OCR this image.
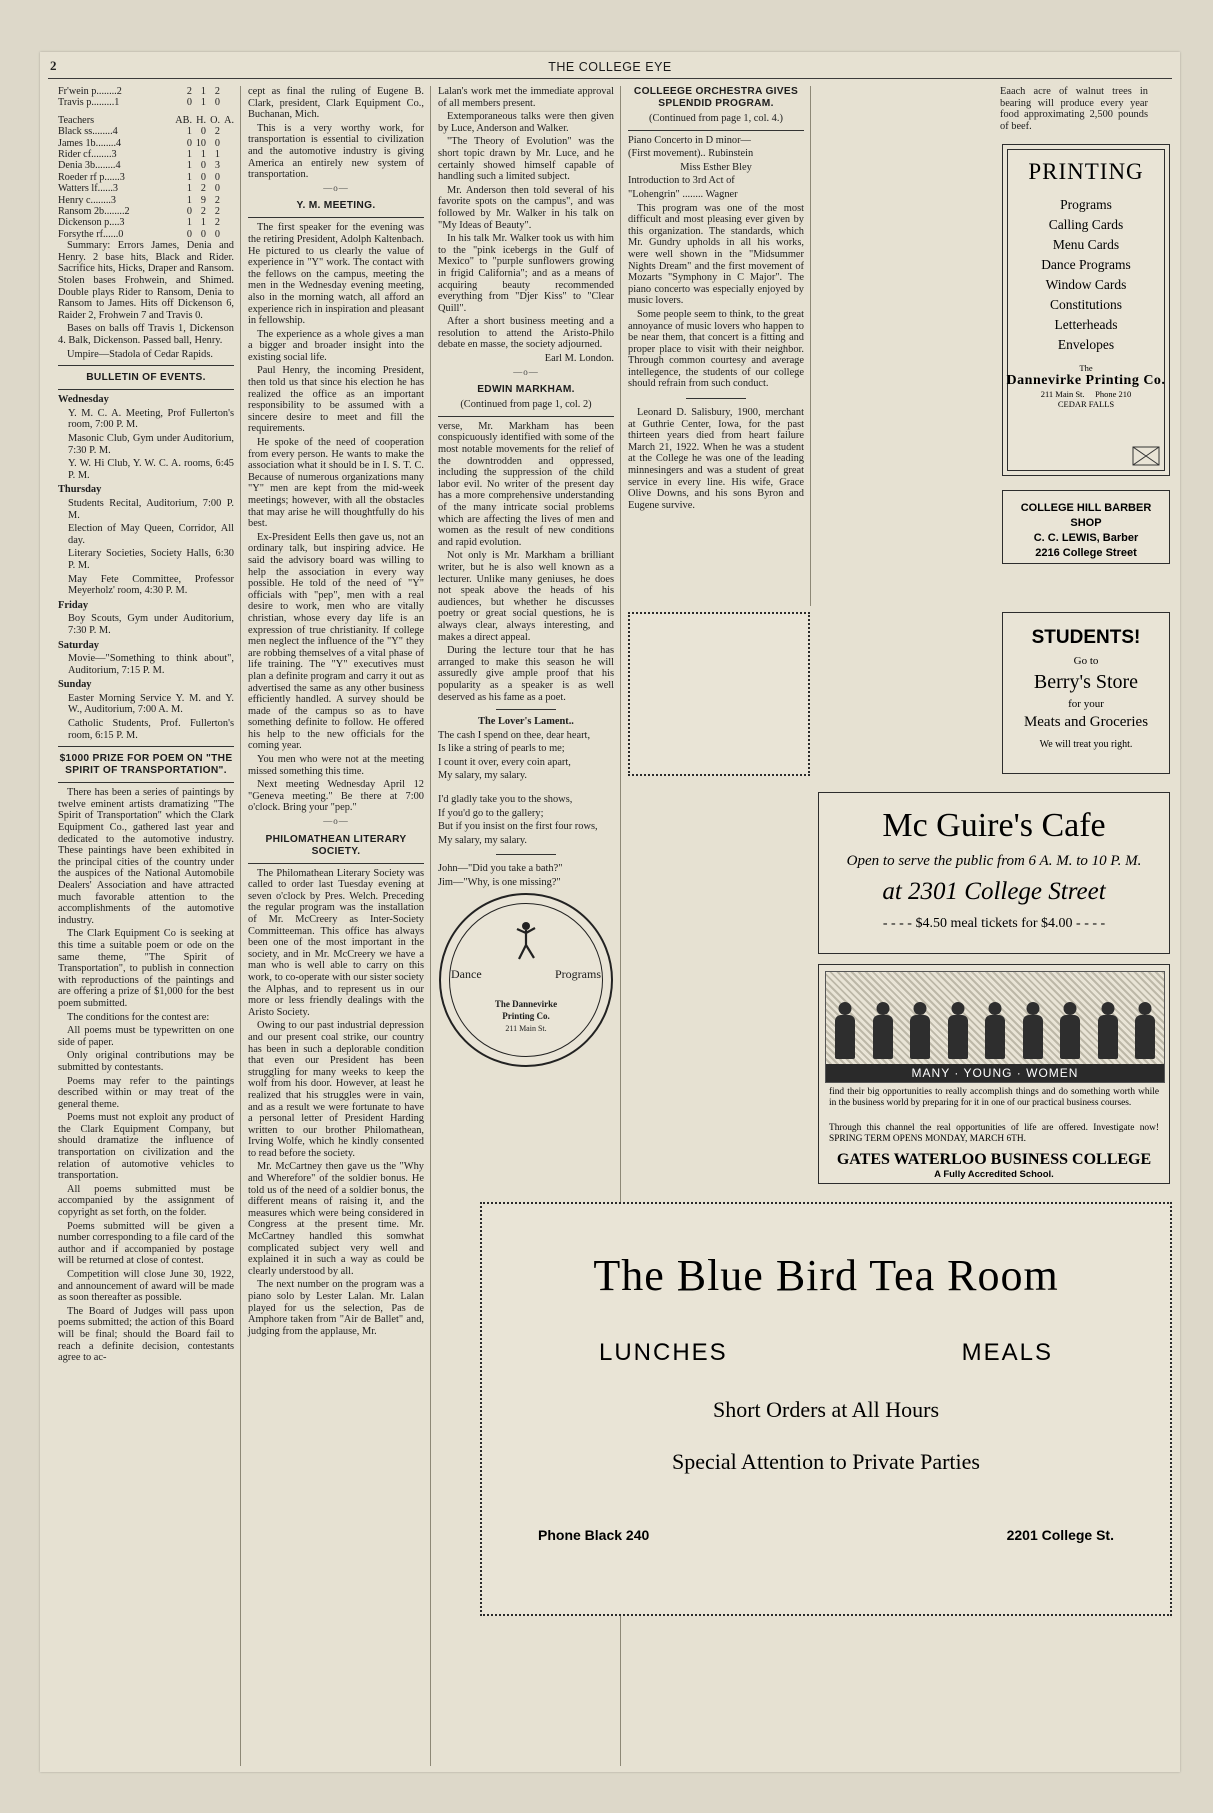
2	THE COLLEGE EYE
Fr'wein p........2	2	1	2	
Travis p.........1	0	1	0	

Teachers	AB.	H.	O.	A.
Black ss........4	1	0	2	
James 1b........4	0	10	0	
Rider cf........3	1	1	1	
Denia 3b........4	1	0	3	
Roeder rf p......3	1	0	0	
Watters lf......3	1	2	0	
Henry c........3	1	9	2	
Ransom 2b........2	0	2	2	
Dickenson p....3	1	1	2	
Forsythe rf......0	0	0	0	

Summary: Errors James, Denia and Henry. 2 base hits, Black and Rider. Sacrifice hits, Hicks, Draper and Ransom. Stolen bases Frohwein, and Shimed. Double plays Rider to Ransom, Denia to Ransom to James. Hits off Dickenson 6, Raider 2, Frohwein 7 and Travis 0.

Bases on balls off Travis 1, Dickenson 4. Balk, Dickenson. Passed ball, Henry.

Umpire—Stadola of Cedar Rapids.

BULLETIN OF EVENTS.

Wednesday

Y. M. C. A. Meeting, Prof Fullerton's room, 7:00 P. M.

Masonic Club, Gym under Auditorium, 7:30 P. M.

Y. W. Hi Club, Y. W. C. A. rooms, 6:45 P. M.

Thursday

Students Recital, Auditorium, 7:00 P. M.

Election of May Queen, Corridor, All day.

Literary Societies, Society Halls, 6:30 P. M.

May Fete Committee, Professor Meyerholz' room, 4:30 P. M.

Friday

Boy Scouts, Gym under Auditorium, 7:30 P. M.

Saturday

Movie—"Something to think about", Auditorium, 7:15 P. M.

Sunday

Easter Morning Service Y. M. and Y. W., Auditorium, 7:00 A. M.

Catholic Students, Prof. Fullerton's room, 6:15 P. M.

$1000 PRIZE FOR POEM ON "THE SPIRIT OF TRANSPORTATION".

There has been a series of paintings by twelve eminent artists dramatizing "The Spirit of Transportation" which the Clark Equipment Co., gathered last year and dedicated to the automotive industry. These paintings have been exhibited in the principal cities of the country under the auspices of the National Automobile Dealers' Association and have attracted much favorable attention to the accomplishments of the automotive industry.

The Clark Equipment Co is seeking at this time a suitable poem or ode on the same theme, "The Spirit of Transportation", to publish in connection with reproductions of the paintings and are offering a prize of $1,000 for the best poem submitted.

The conditions for the contest are:

All poems must be typewritten on one side of paper.

Only original contributions may be submitted by contestants.

Poems may refer to the paintings described within or may treat of the general theme.

Poems must not exploit any product of the Clark Equipment Company, but should dramatize the influence of transportation on civilization and the relation of automotive vehicles to transportation.

All poems submitted must be accompanied by the assignment of copyright as set forth, on the folder.

Poems submitted will be given a number corresponding to a file card of the author and if accompanied by postage will be returned at close of contest.

Competition will close June 30, 1922, and announcement of award will be made as soon thereafter as possible.

The Board of Judges will pass upon poems submitted; the action of this Board will be final; should the Board fail to reach a definite decision, contestants agree to ac-

cept as final the ruling of Eugene B. Clark, president, Clark Equipment Co., Buchanan, Mich.

This is a very worthy work, for transportation is essential to civilization and the automotive industry is giving America an entirely new system of transportation.

—o—

Y. M. MEETING.

The first speaker for the evening was the retiring President, Adolph Kaltenbach. He pictured to us clearly the value of experience in "Y" work. The contact with the fellows on the campus, meeting the men in the Wednesday evening meeting, also in the morning watch, all afford an experience rich in inspiration and pleasant in fellowship.

The experience as a whole gives a man a bigger and broader insight into the existing social life.

Paul Henry, the incoming President, then told us that since his election he has realized the office as an important responsibility to be assumed with a sincere desire to meet and fill the requirements.

He spoke of the need of cooperation from every person. He wants to make the association what it should be in I. S. T. C. Because of numerous organizations many "Y" men are kept from the mid-week meetings; however, with all the obstacles that may arise he will thoughtfully do his best.

Ex-President Eells then gave us, not an ordinary talk, but inspiring advice. He said the advisory board was willing to help the association in every way possible. He told of the need of "Y" officials with "pep", men with a real desire to work, men who are vitally christian, whose every day life is an expression of true christianity. If college men neglect the influence of the "Y" they are robbing themselves of a vital phase of life training. The "Y" executives must plan a definite program and carry it out as advertised the same as any other business efficiently handled. A survey should be made of the campus so as to have something definite to follow. He offered his help to the new officials for the coming year.

You men who were not at the meeting missed something this time.

Next meeting Wednesday April 12 "Geneva meeting." Be there at 7:00 o'clock. Bring your "pep."

—o—

PHILOMATHEAN LITERARY SOCIETY.

The Philomathean Literary Society was called to order last Tuesday evening at seven o'clock by Pres. Welch. Preceding the regular program was the installation of Mr. McCreery as Inter-Society Committeeman. This office has always been one of the most important in the society, and in Mr. McCreery we have a man who is well able to carry on this work, to co-operate with our sister society the Alphas, and to represent us in our more or less friendly dealings with the Aristo Society.

Owing to our past industrial depression and our present coal strike, our country has been in such a deplorable condition that even our President has been struggling for many weeks to keep the wolf from his door. However, at least he realized that his struggles were in vain, and as a result we were fortunate to have a personal letter of President Harding written to our brother Philomathean, Irving Wolfe, which he kindly consented to read before the society.

Mr. McCartney then gave us the "Why and Wherefore" of the soldier bonus. He told us of the need of a soldier bonus, the different means of raising it, and the measures which were being considered in Congress at the present time. Mr. McCartney handled this somwhat complicated subject very well and explained it in such a way as could be clearly understood by all.

The next number on the program was a piano solo by Lester Lalan. Mr. Lalan played for us the selection, Pas de Amphore taken from "Air de Ballet" and, judging from the applause, Mr.

Lalan's work met the immediate approval of all members present.

Extemporaneous talks were then given by Luce, Anderson and Walker.

"The Theory of Evolution" was the short topic drawn by Mr. Luce, and he certainly showed himself capable of handling such a limited subject.

Mr. Anderson then told several of his favorite spots on the campus", and was followed by Mr. Walker in his talk on "My Ideas of Beauty".

In his talk Mr. Walker took us with him to the "pink icebergs in the Gulf of Mexico" to "purple sunflowers growing in frigid California"; and as a means of acquiring beauty recommended everything from "Djer Kiss" to "Clear Quill".

After a short business meeting and a resolution to attend the Aristo-Philo debate en masse, the society adjourned.

Earl M. London.

—o—

EDWIN MARKHAM.

(Continued from page 1, col. 2)

verse, Mr. Markham has been conspicuously identified with some of the most notable movements for the relief of the downtrodden and oppressed, including the suppression of the child labor evil. No writer of the present day has a more comprehensive understanding of the many intricate social problems which are affecting the lives of men and women as the result of new conditions and rapid evolution.

Not only is Mr. Markham a brilliant writer, but he is also well known as a lecturer. Unlike many geniuses, he does not speak above the heads of his audiences, but whether he discusses poetry or great social questions, he is always clear, always interesting, and makes a direct appeal.

During the lecture tour that he has arranged to make this season he will assuredly give ample proof that his popularity as a speaker is as well deserved as his fame as a poet.

The Lover's Lament..

The cash I spend on thee, dear heart,

Is like a string of pearls to me;

I count it over, every coin apart,

My salary, my salary.

I'd gladly take you to the shows,

If you'd go to the gallery;

But if you insist on the first four rows,

My salary, my salary.

John—"Did you take a bath?"

Jim—"Why, is one missing?"

Dance	Programs
The Dannevirke
Printing Co.
211 Main St.

COLLEEGE ORCHESTRA GIVES SPLENDID PROGRAM.

(Continued from page 1, col. 4.)

Piano Concerto in D minor—

(First movement).. Rubinstein

Miss Esther Bley

Introduction to 3rd Act of

"Lohengrin" ........ Wagner

This program was one of the most difficult and most pleasing ever given by this organization. The standards, which Mr. Gundry upholds in all his works, were well shown in the "Midsummer Nights Dream" and the first movement of Mozarts "Symphony in C Major". The piano concerto was especially enjoyed by music lovers.

Some people seem to think, to the great annoyance of music lovers who happen to be near them, that concert is a fitting and proper place to visit with their neighbor. Through common courtesy and average intellegence, the students of our college should refrain from such conduct.

Leonard D. Salisbury, 1900, merchant at Guthrie Center, Iowa, for the past thirteen years died from heart failure March 21, 1922. When he was a student at the College he was one of the leading minnesingers and was a student of great service in every line. His wife, Grace Olive Downs, and his sons Byron and Eugene survive.

Eaach acre of walnut trees in bearing will produce every year food approximating 2,500 pounds of beef.

PRINTING
Programs
Calling Cards
Menu Cards
Dance Programs
Window Cards
Constitutions
Letterheads
Envelopes
The
Dannevirke Printing Co.
211 Main St. Phone 210
CEDAR FALLS
COLLEGE HILL BARBER
SHOP
C. C. LEWIS, Barber
2216 College Street
STUDENTS!
Go to
Berry's Store
for your
Meats and Groceries
We will treat you right.
Mc Guire's Cafe
Open to serve the public from 6 A. M. to 10 P. M.
at 2301 College Street
- - - - $4.50 meal tickets for $4.00 - - - -
MANY · YOUNG · WOMEN
find their big opportunities to really accomplish things and do something worth while in the business world by preparing for it in one of our practical business courses.
Through this channel the real opportunities of life are offered. Investigate now! SPRING TERM OPENS MONDAY, MARCH 6TH.
GATES WATERLOO BUSINESS COLLEGE
A Fully Accredited School.
The Blue Bird Tea Room
LUNCHES	MEALS
Short Orders at All Hours
Special Attention to Private Parties
Phone Black 240	2201 College St.
